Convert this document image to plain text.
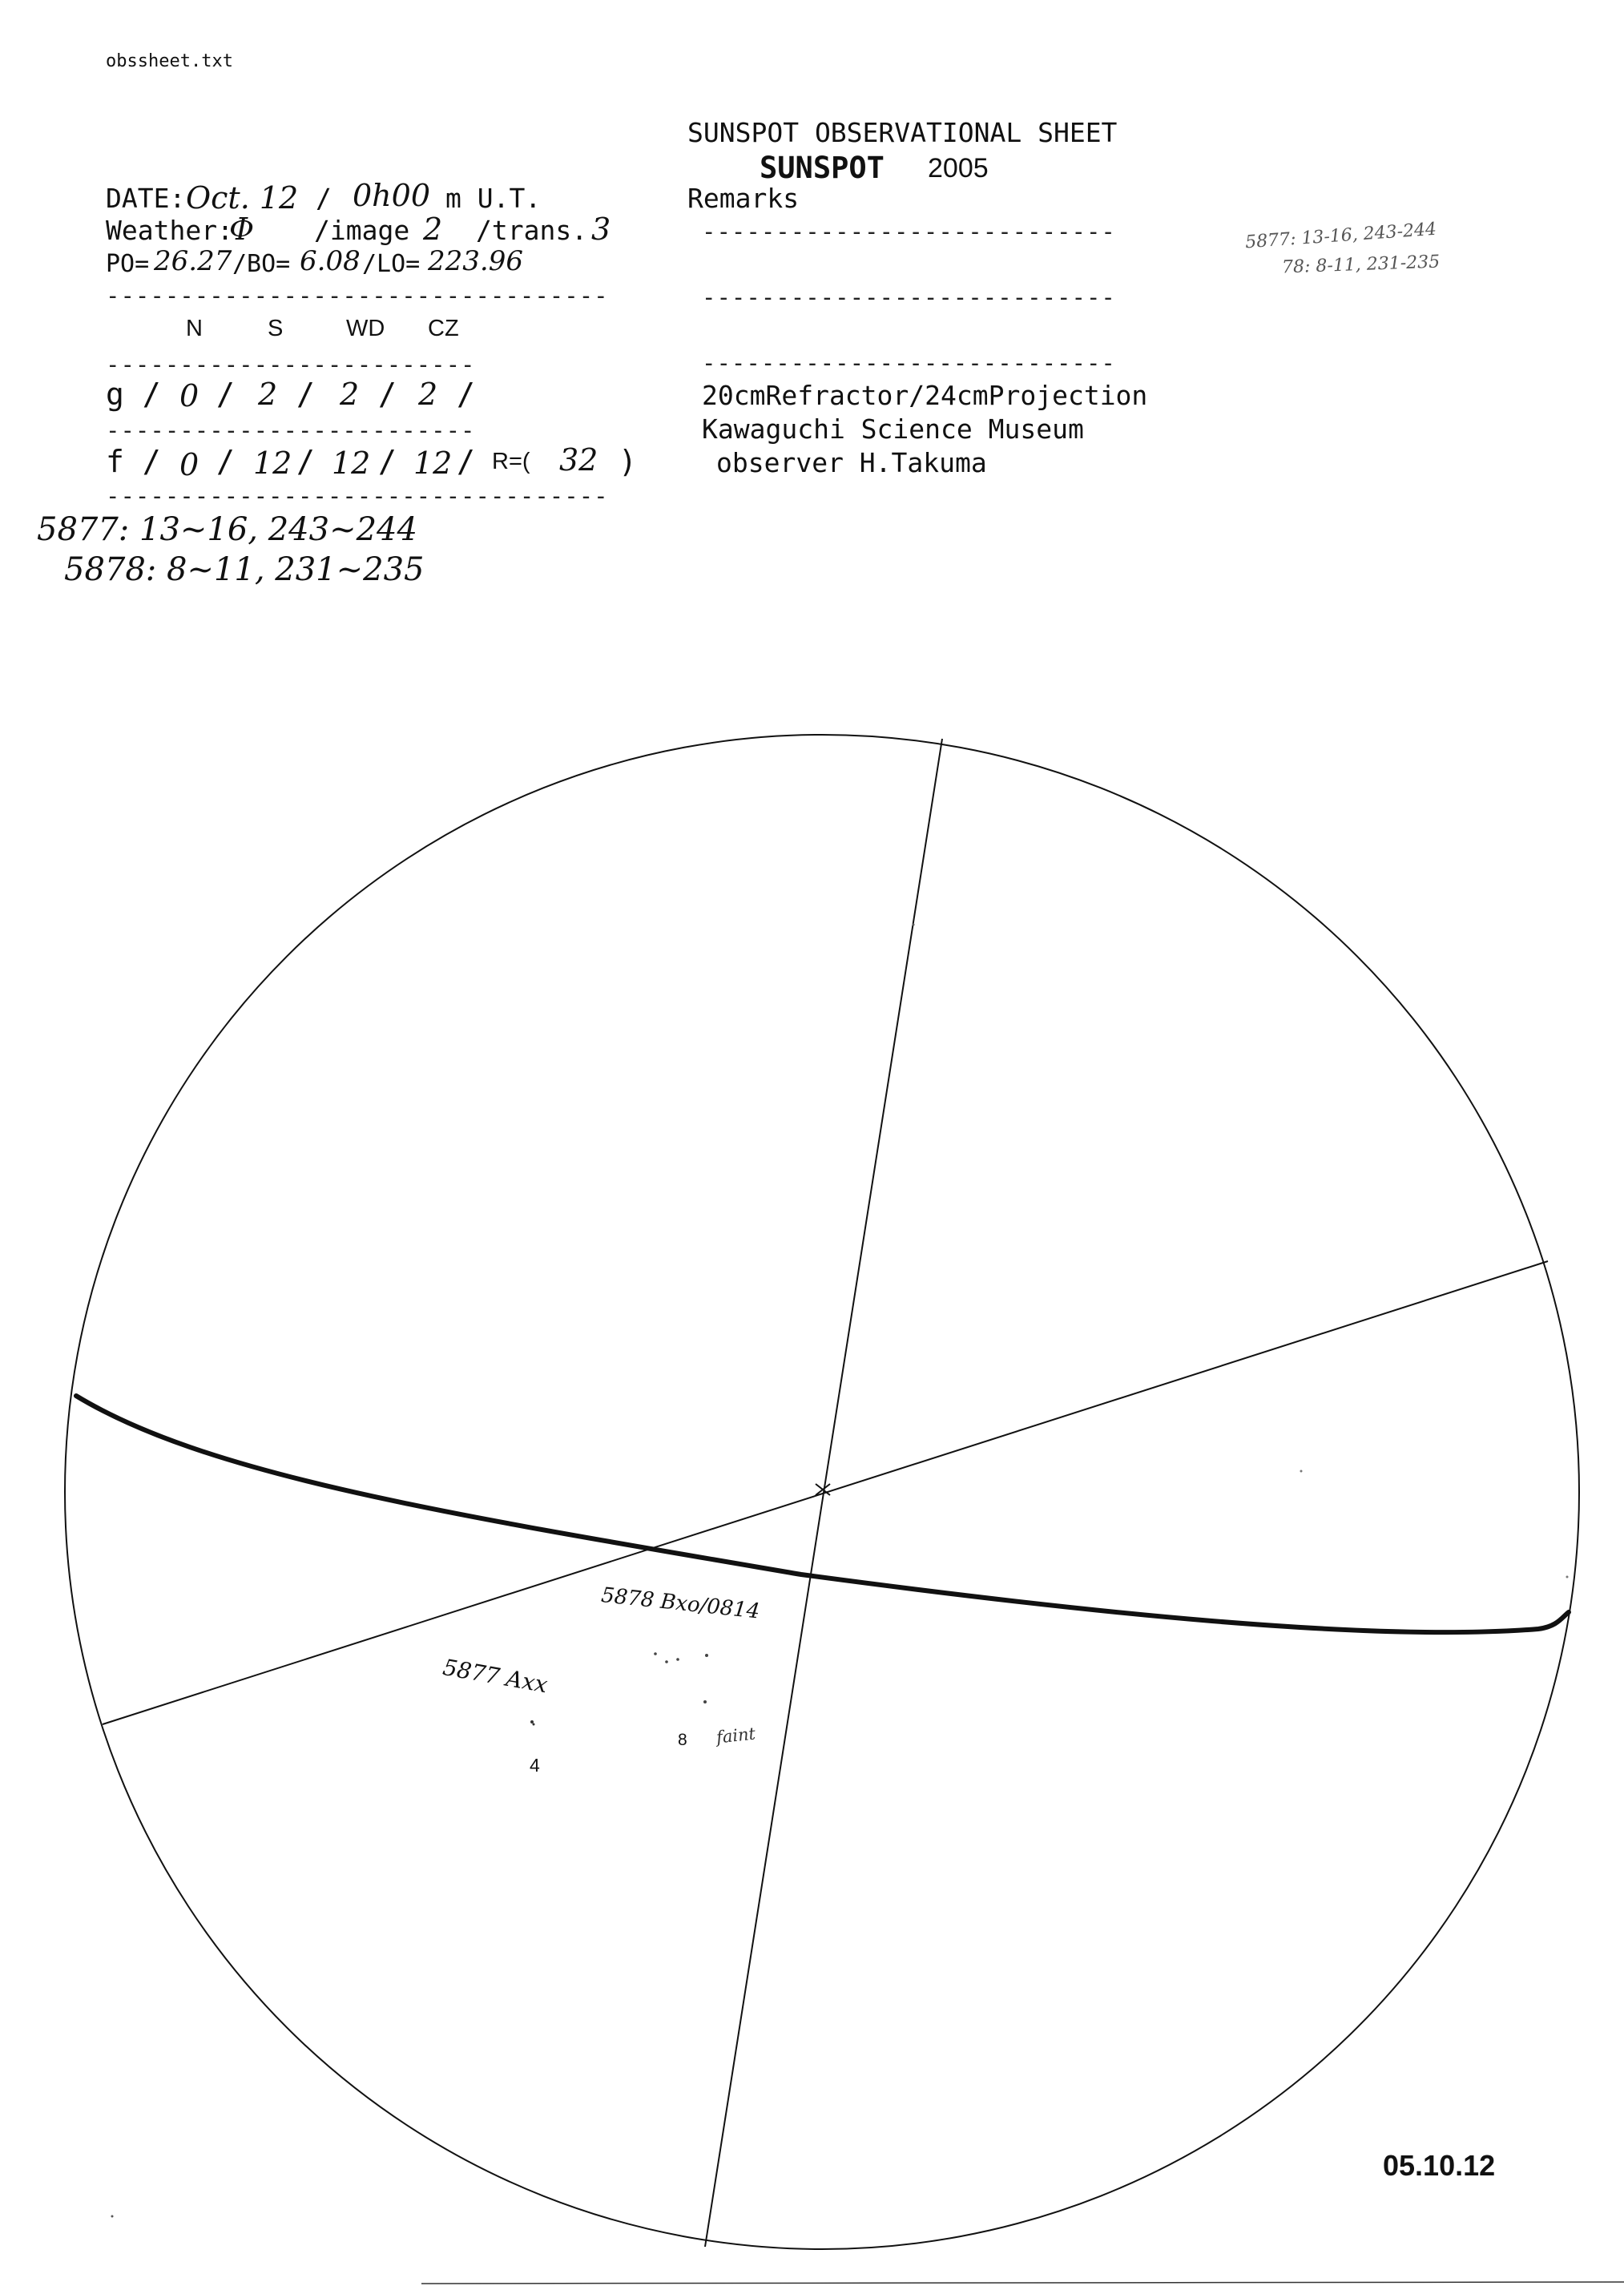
obssheet.txt
SUNSPOT OBSERVATIONAL SHEET
SUNSPOT 2005
DATE: Oct. 12 / 0h00 m U.T.
Weather:
Φ /image 2 /trans. 3
PO= 26.27 /BO= 6.08 /LO= 223.96
----------------------------------
-------------------------
-------------------------
----------------------------------
N	S	WD CZ
g / 0 / 2 / 2 / 2 /
f / 0 / 12 / 12 / 12 / R=( 32 )
Remarks
----------------------------
----------------------------
----------------------------
20cmRefractor/24cmProjection
Kawaguchi Science Museum
observer H.Takuma
5877: 13~16, 243~244
5878: 8~11, 231~235
5877: 13-16, 243-244
78: 8-11, 231-235
5878 Bxo/0814
5877 Axx
4
8 faint
05.10.12
